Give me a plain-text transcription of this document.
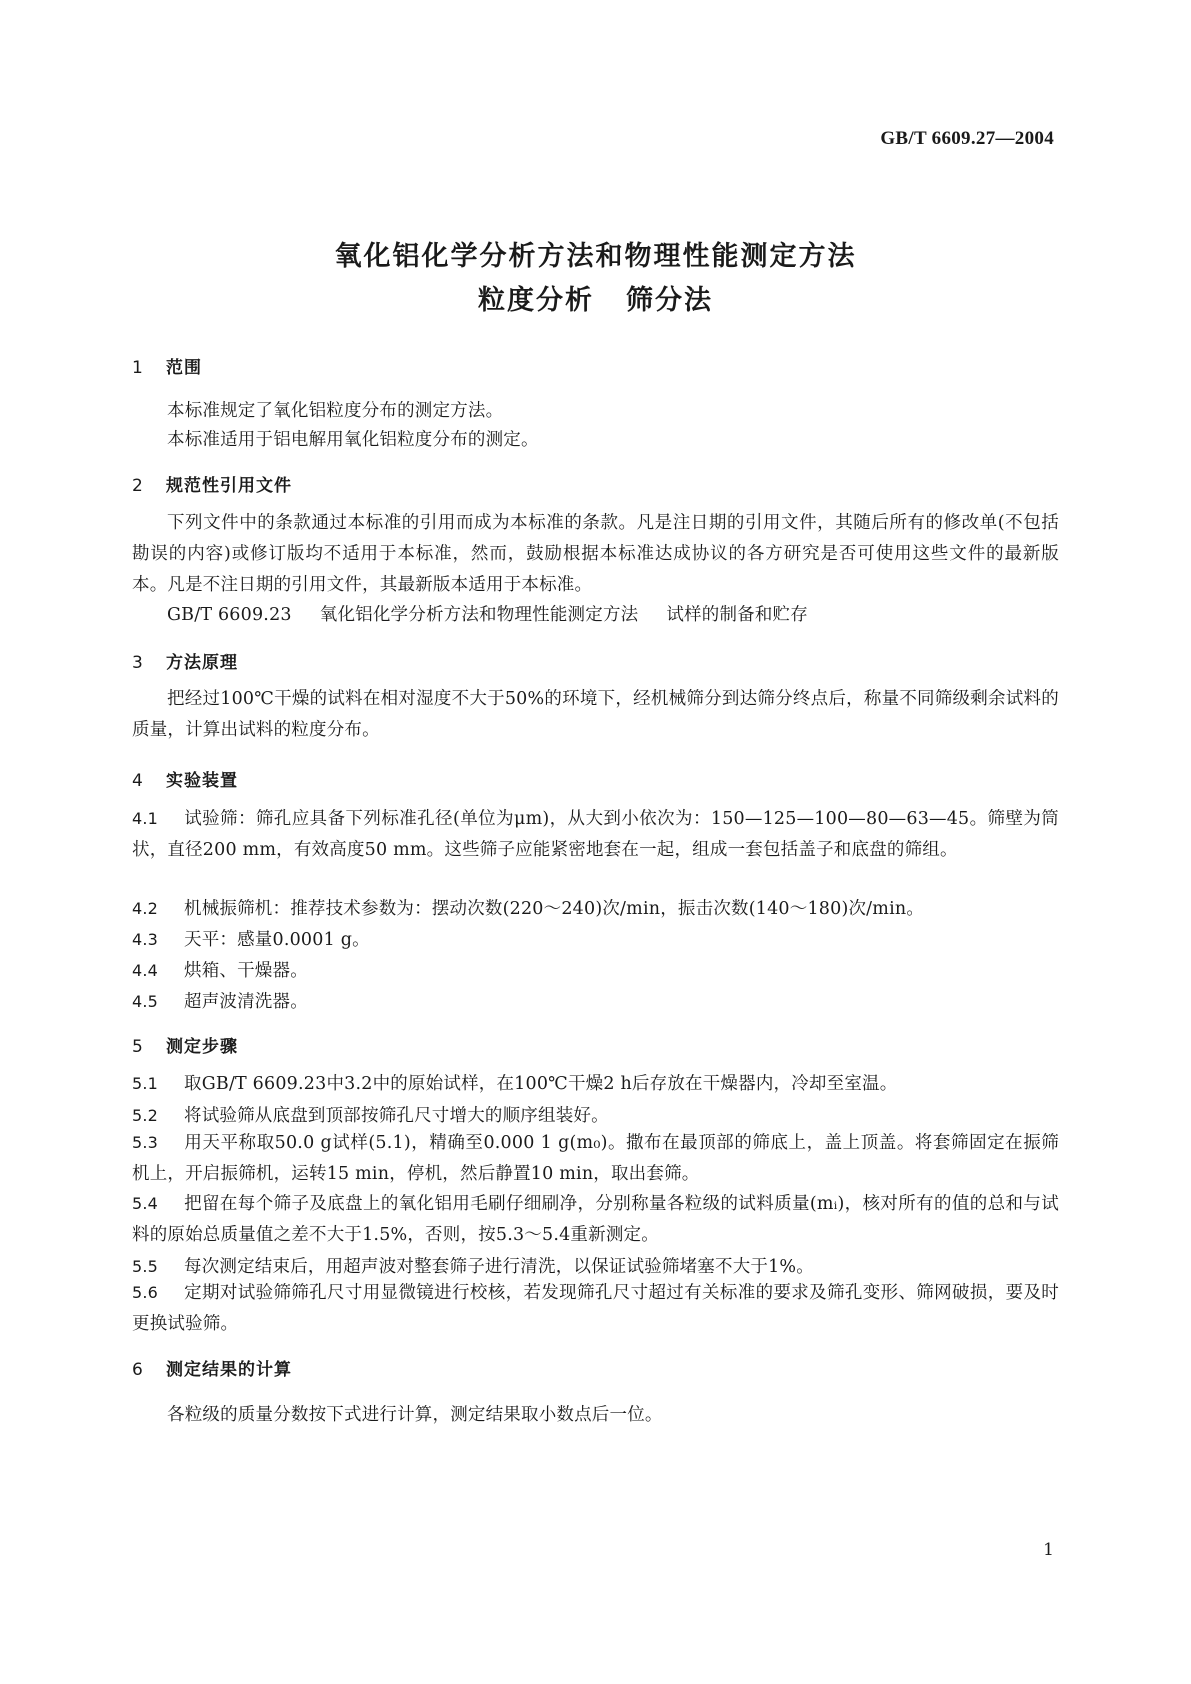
GB/T 6609.27—2004
氧化铝化学分析方法和物理性能测定方法
粒度分析 筛分法
1 范围
本标准规定了氧化铝粒度分布的测定方法。
本标准适用于铝电解用氧化铝粒度分布的测定。
2 规范性引用文件
下列文件中的条款通过本标准的引用而成为本标准的条款。凡是注日期的引用文件，其随后所有的修改单(不包括勘误的内容)或修订版均不适用于本标准，然而，鼓励根据本标准达成协议的各方研究是否可使用这些文件的最新版本。凡是不注日期的引用文件，其最新版本适用于本标准。
GB/T 6609.23 氧化铝化学分析方法和物理性能测定方法 试样的制备和贮存
3 方法原理
把经过100℃干燥的试料在相对湿度不大于50%的环境下，经机械筛分到达筛分终点后，称量不同筛级剩余试料的质量，计算出试料的粒度分布。
4 实验装置
4.1 试验筛：筛孔应具备下列标准孔径(单位为μm)，从大到小依次为：150—125—100—80—63—45。筛壁为筒状，直径200 mm，有效高度50 mm。这些筛子应能紧密地套在一起，组成一套包括盖子和底盘的筛组。
4.2 机械振筛机：推荐技术参数为：摆动次数(220～240)次/min，振击次数(140～180)次/min。
4.3 天平：感量0.0001 g。
4.4 烘箱、干燥器。
4.5 超声波清洗器。
5 测定步骤
5.1 取GB/T 6609.23中3.2中的原始试样，在100℃干燥2 h后存放在干燥器内，冷却至室温。
5.2 将试验筛从底盘到顶部按筛孔尺寸增大的顺序组装好。
5.3 用天平称取50.0 g试样(5.1)，精确至0.000 1 g(m₀)。撒布在最顶部的筛底上，盖上顶盖。将套筛固定在振筛机上，开启振筛机，运转15 min，停机，然后静置10 min，取出套筛。
5.4 把留在每个筛子及底盘上的氧化铝用毛刷仔细刷净，分别称量各粒级的试料质量(mᵢ)，核对所有的值的总和与试料的原始总质量值之差不大于1.5%，否则，按5.3～5.4重新测定。
5.5 每次测定结束后，用超声波对整套筛子进行清洗，以保证试验筛堵塞不大于1%。
5.6 定期对试验筛筛孔尺寸用显微镜进行校核，若发现筛孔尺寸超过有关标准的要求及筛孔变形、筛网破损，要及时更换试验筛。
6 测定结果的计算
各粒级的质量分数按下式进行计算，测定结果取小数点后一位。
1
